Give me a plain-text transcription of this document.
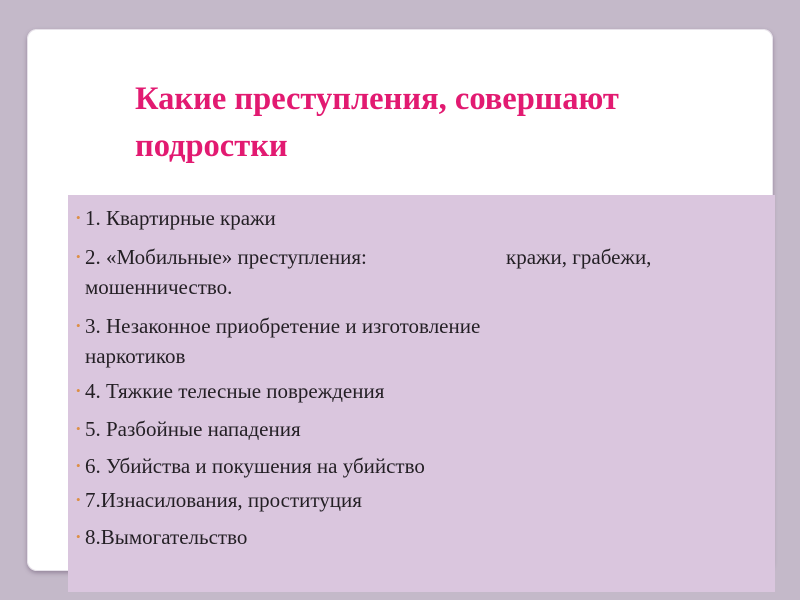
Какие преступления, совершают подростки
• 1. Квартирные кражи
• 2. «Мобильные» преступления:	кражи, грабежи,
мошенничество.
• 3. Незаконное приобретение и изготовление
наркотиков
• 4. Тяжкие телесные повреждения
• 5. Разбойные нападения
• 6. Убийства и покушения на убийство
• 7.Изнасилования, проституция
• 8.Вымогательство
